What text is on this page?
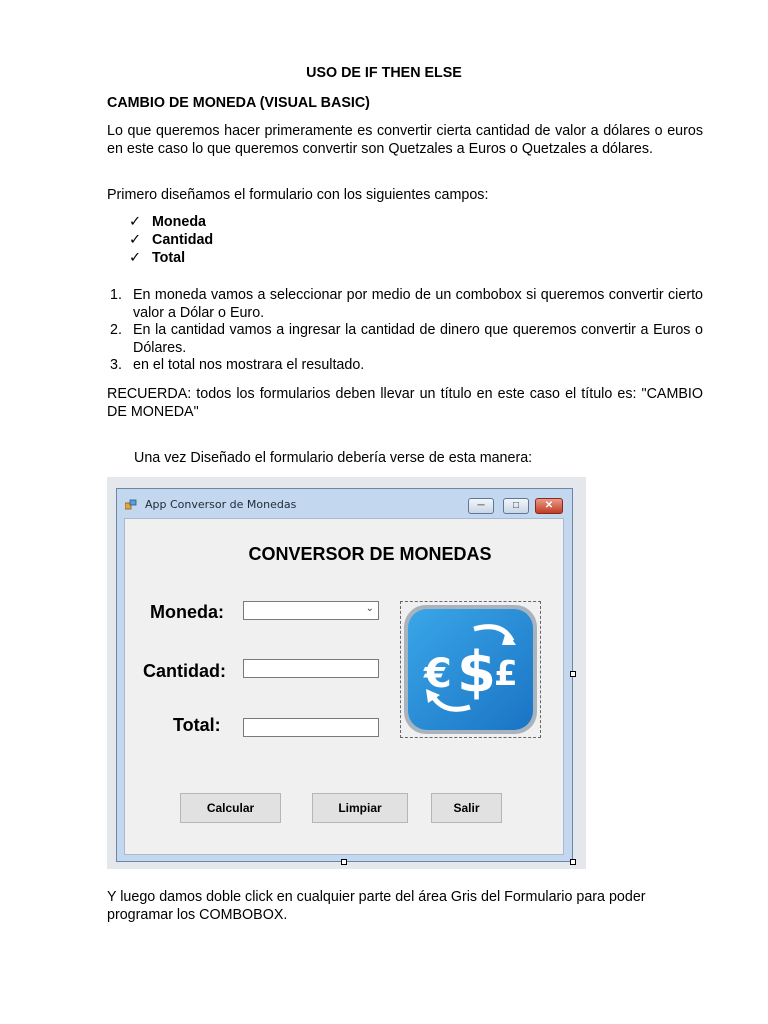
USO DE IF THEN ELSE
CAMBIO DE MONEDA (VISUAL BASIC)
Lo que queremos hacer primeramente es convertir cierta cantidad de valor a dólares o euros en este caso lo que queremos convertir son Quetzales a Euros o Quetzales a dólares.
Primero diseñamos el formulario con los siguientes campos:
✓ Moneda
✓ Cantidad
✓ Total
1. En moneda vamos a seleccionar por medio de un combobox si queremos convertir cierto valor a Dólar o Euro.
2. En la cantidad vamos a ingresar la cantidad de dinero que queremos convertir a Euros o Dólares.
3. en el total nos mostrara el resultado.
RECUERDA: todos los formularios deben llevar un título en este caso el título es: "CAMBIO DE MONEDA"
Una vez Diseñado el formulario debería verse de esta manera:
App Conversor de Monedas	─	□	✕
CONVERSOR DE MONEDAS
Moneda:	⌄
Cantidad:
Total:
€ $
£
Calcular	Limpiar	Salir
Y luego damos doble click en cualquier parte del área Gris del Formulario para poder programar los COMBOBOX.
